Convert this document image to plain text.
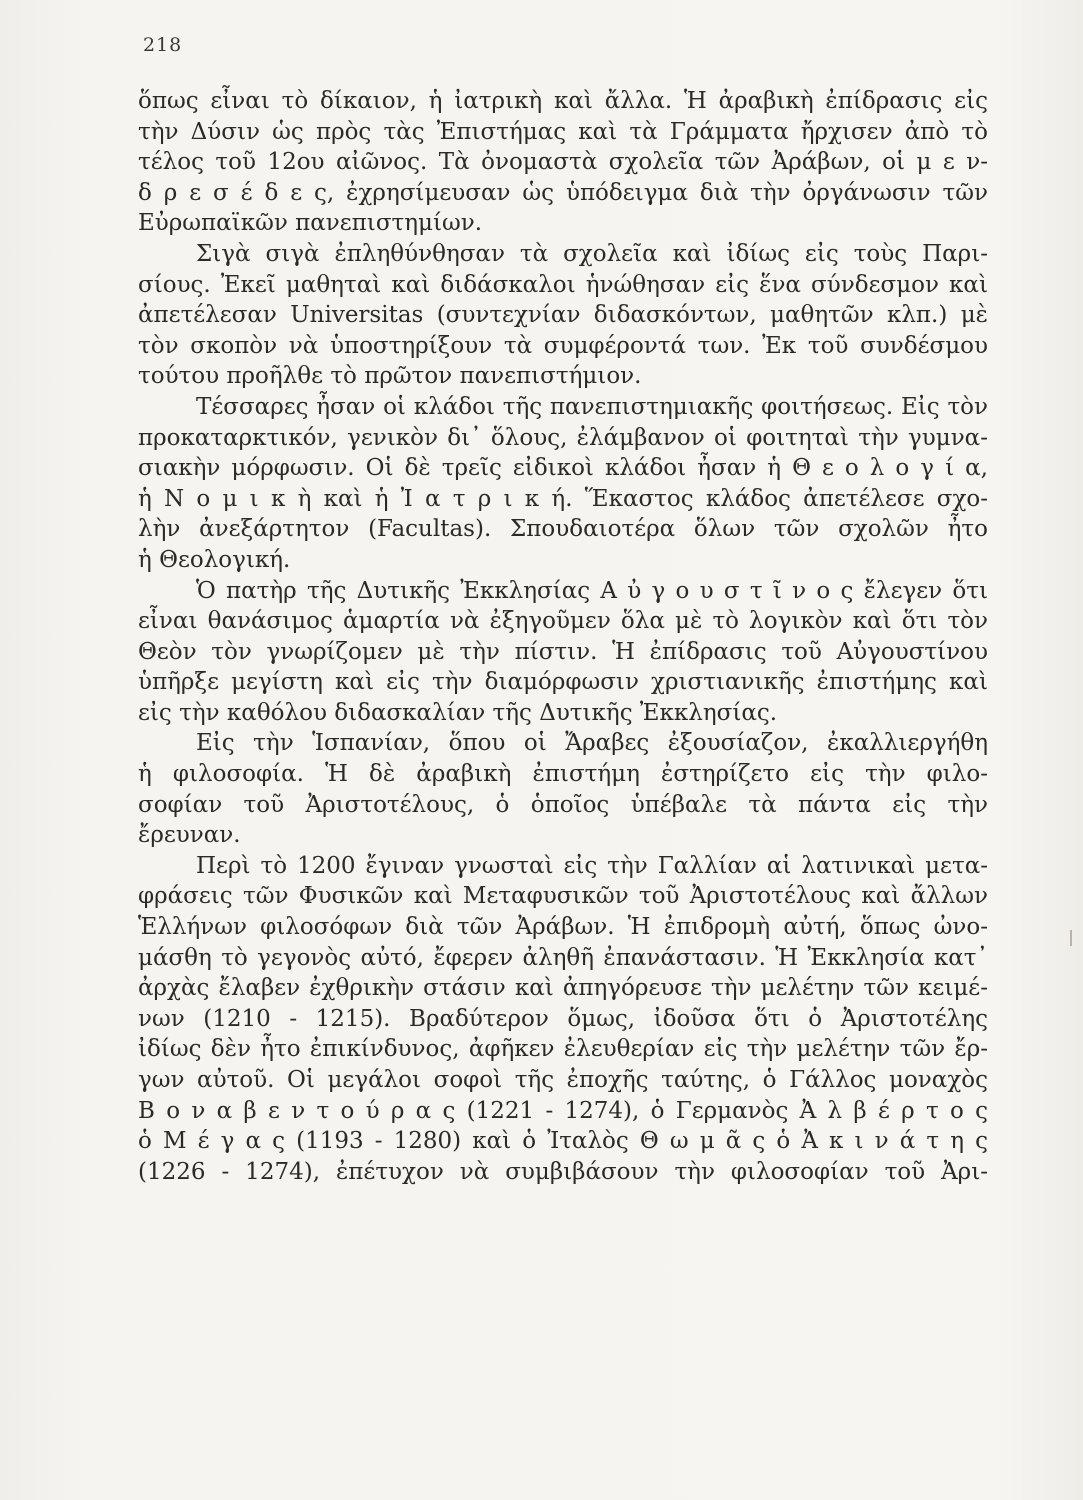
218
ὅπως εἶναι τὸ δίκαιον, ἡ ἰατρικὴ καὶ ἄλλα. Ἡ ἀραβικὴ ἐπίδρασις εἰς
τὴν Δύσιν ὡς πρὸς τὰς Ἐπιστήμας καὶ τὰ Γράμματα ἤρχισεν ἀπὸ τὸ
τέλος τοῦ 12ου αἰῶνος. Τὰ ὀνομαστὰ σχολεῖα τῶν Ἀράβων, οἱ μ ε ν-
δ ρ ε σ έ δ ε ς, ἐχρησίμευσαν ὡς ὑπόδειγμα διὰ τὴν ὀργάνωσιν τῶν
Εὐρωπαϊκῶν πανεπιστημίων.
Σιγὰ σιγὰ ἐπληθύνθησαν τὰ σχολεῖα καὶ ἰδίως εἰς τοὺς Παρι-
σίους. Ἐκεῖ μαθηταὶ καὶ διδάσκαλοι ἡνώθησαν εἰς ἕνα σύνδεσμον καὶ
ἀπετέλεσαν Universitas (συντεχνίαν διδασκόντων, μαθητῶν κλπ.) μὲ
τὸν σκοπὸν νὰ ὑποστηρίξουν τὰ συμφέροντά των. Ἐκ τοῦ συνδέσμου
τούτου προῆλθε τὸ πρῶτον πανεπιστήμιον.
Τέσσαρες ἦσαν οἱ κλάδοι τῆς πανεπιστημιακῆς φοιτήσεως. Εἰς τὸν
προκαταρκτικόν, γενικὸν δι᾽ ὅλους, ἐλάμβανον οἱ φοιτηταὶ τὴν γυμνα-
σιακὴν μόρφωσιν. Οἱ δὲ τρεῖς εἰδικοὶ κλάδοι ἦσαν ἡ Θ ε ο λ ο γ ί α,
ἡ Ν ο μ ι κ ὴ καὶ ἡ Ἰ α τ ρ ι κ ή. Ἕκαστος κλάδος ἀπετέλεσε σχο-
λὴν ἀνεξάρτητον (Facultas). Σπουδαιοτέρα ὅλων τῶν σχολῶν ἦτο
ἡ Θεολογική.
Ὁ πατὴρ τῆς Δυτικῆς Ἐκκλησίας Α ὐ γ ο υ σ τ ῖ ν ο ς ἔλεγεν ὅτι
εἶναι θανάσιμος ἁμαρτία νὰ ἐξηγοῦμεν ὅλα μὲ τὸ λογικὸν καὶ ὅτι τὸν
Θεὸν τὸν γνωρίζομεν μὲ τὴν πίστιν. Ἡ ἐπίδρασις τοῦ Αὐγουστίνου
ὑπῆρξε μεγίστη καὶ εἰς τὴν διαμόρφωσιν χριστιανικῆς ἐπιστήμης καὶ
εἰς τὴν καθόλου διδασκαλίαν τῆς Δυτικῆς Ἐκκλησίας.
Εἰς τὴν Ἱσπανίαν, ὅπου οἱ Ἄραβες ἐξουσίαζον, ἐκαλλιεργήθη
ἡ φιλοσοφία. Ἡ δὲ ἀραβικὴ ἐπιστήμη ἐστηρίζετο εἰς τὴν φιλο-
σοφίαν τοῦ Ἀριστοτέλους, ὁ ὁποῖος ὑπέβαλε τὰ πάντα εἰς τὴν
ἔρευναν.
Περὶ τὸ 1200 ἔγιναν γνωσταὶ εἰς τὴν Γαλλίαν αἱ λατινικαὶ μετα-
φράσεις τῶν Φυσικῶν καὶ Μεταφυσικῶν τοῦ Ἀριστοτέλους καὶ ἄλλων
Ἑλλήνων φιλοσόφων διὰ τῶν Ἀράβων. Ἡ ἐπιδρομὴ αὐτή, ὅπως ὠνο-
μάσθη τὸ γεγονὸς αὐτό, ἔφερεν ἀληθῆ ἐπανάστασιν. Ἡ Ἐκκλησία κατ᾽
ἀρχὰς ἔλαβεν ἐχθρικὴν στάσιν καὶ ἀπηγόρευσε τὴν μελέτην τῶν κειμέ-
νων (1210 - 1215). Βραδύτερον ὅμως, ἰδοῦσα ὅτι ὁ Ἀριστοτέλης
ἰδίως δὲν ἦτο ἐπικίνδυνος, ἀφῆκεν ἐλευθερίαν εἰς τὴν μελέτην τῶν ἔρ-
γων αὐτοῦ. Οἱ μεγάλοι σοφοὶ τῆς ἐποχῆς ταύτης, ὁ Γάλλος μοναχὸς
Β ο ν α β ε ν τ ο ύ ρ α ς (1221 - 1274), ὁ Γερμανὸς Ἀ λ β έ ρ τ ο ς
ὁ Μ έ γ α ς (1193 - 1280) καὶ ὁ Ἰταλὸς Θ ω μ ᾶ ς ὁ Ἀ κ ι ν ά τ η ς
(1226 - 1274), ἐπέτυχον νὰ συμβιβάσουν τὴν φιλοσοφίαν τοῦ Ἀρι-
